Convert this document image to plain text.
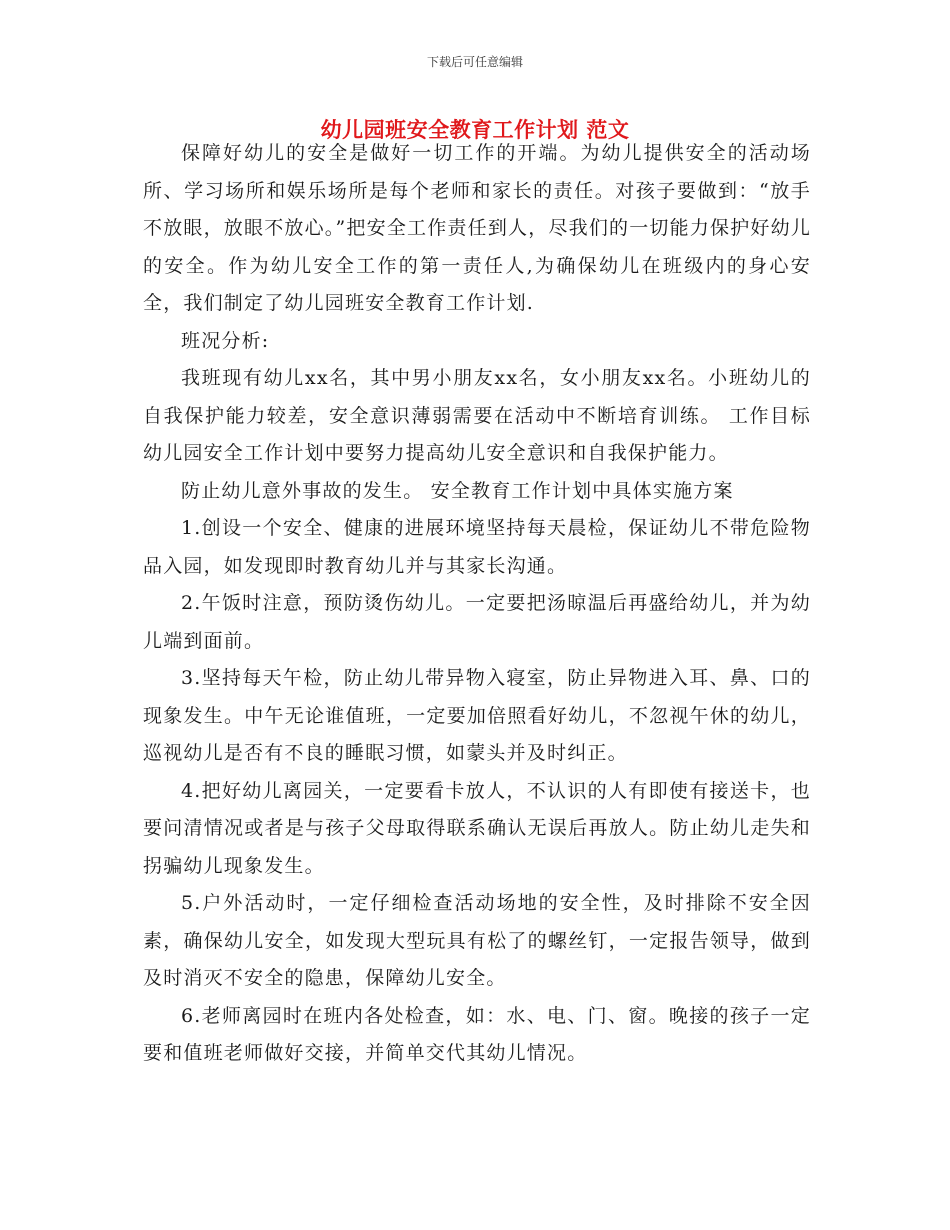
下载后可任意编辑
幼儿园班安全教育工作计划 范文

保障好幼儿的安全是做好一切工作的开端。为幼儿提供安全的活动场所、学习场所和娱乐场所是每个老师和家长的责任。对孩子要做到：“放手不放眼，放眼不放心。”把安全工作责任到人，尽我们的一切能力保护好幼儿的安全。作为幼儿安全工作的第一责任人,为确保幼儿在班级内的身心安全，我们制定了幼儿园班安全教育工作计划.

班况分析:

我班现有幼儿xx名，其中男小朋友xx名，女小朋友xx名。小班幼儿的自我保护能力较差，安全意识薄弱需要在活动中不断培育训练。 工作目标幼儿园安全工作计划中要努力提高幼儿安全意识和自我保护能力。

防止幼儿意外事故的发生。 安全教育工作计划中具体实施方案

1.创设一个安全、健康的进展环境坚持每天晨检，保证幼儿不带危险物品入园，如发现即时教育幼儿并与其家长沟通。

2.午饭时注意，预防烫伤幼儿。一定要把汤晾温后再盛给幼儿，并为幼儿端到面前。

3.坚持每天午检，防止幼儿带异物入寝室，防止异物进入耳、鼻、口的现象发生。中午无论谁值班，一定要加倍照看好幼儿，不忽视午休的幼儿，巡视幼儿是否有不良的睡眠习惯，如蒙头并及时纠正。

4.把好幼儿离园关，一定要看卡放人，不认识的人有即使有接送卡，也要问清情况或者是与孩子父母取得联系确认无误后再放人。防止幼儿走失和拐骗幼儿现象发生。

5.户外活动时，一定仔细检查活动场地的安全性，及时排除不安全因素，确保幼儿安全，如发现大型玩具有松了的螺丝钉，一定报告领导，做到及时消灭不安全的隐患，保障幼儿安全。

6.老师离园时在班内各处检查，如：水、电、门、窗。晚接的孩子一定要和值班老师做好交接，并简单交代其幼儿情况。
